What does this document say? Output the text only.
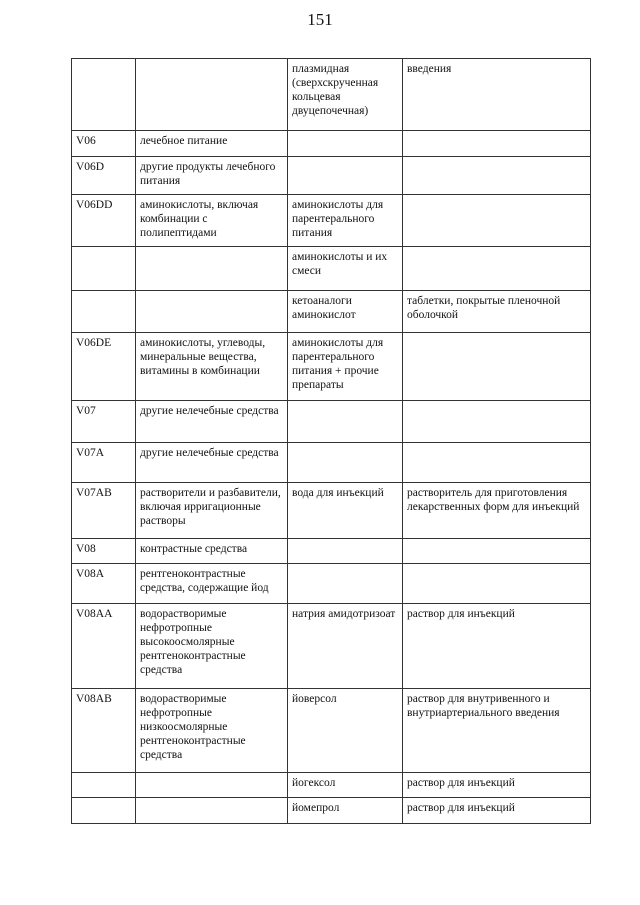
151
		плазмидная (сверхскрученная кольцевая двуцепочечная)	введения
V06	лечебное питание		
V06D	другие продукты лечебного питания		
V06DD	аминокислоты, включая комбинации с полипептидами	аминокислоты для парентерального питания	
		аминокислоты и их смеси	
		кетоаналоги аминокислот	таблетки, покрытые пленочной оболочкой
V06DE	аминокислоты, углеводы, минеральные вещества, витамины в комбинации	аминокислоты для парентерального питания + прочие препараты	
V07	другие нелечебные средства		
V07A	другие нелечебные средства		
V07AB	растворители и разбавители, включая ирригационные растворы	вода для инъекций	растворитель для приготовления лекарственных форм для инъекций
V08	контрастные средства		
V08A	рентгеноконтрастные средства, содержащие йод		
V08AA	водорастворимые нефротропные высокоосмолярные рентгеноконтрастные средства	натрия амидотризоат	раствор для инъекций
V08AB	водорастворимые нефротропные низкоосмолярные рентгеноконтрастные средства	йоверсол	раствор для внутривенного и внутриартериального введения
		йогексол	раствор для инъекций
		йомепрол	раствор для инъекций
